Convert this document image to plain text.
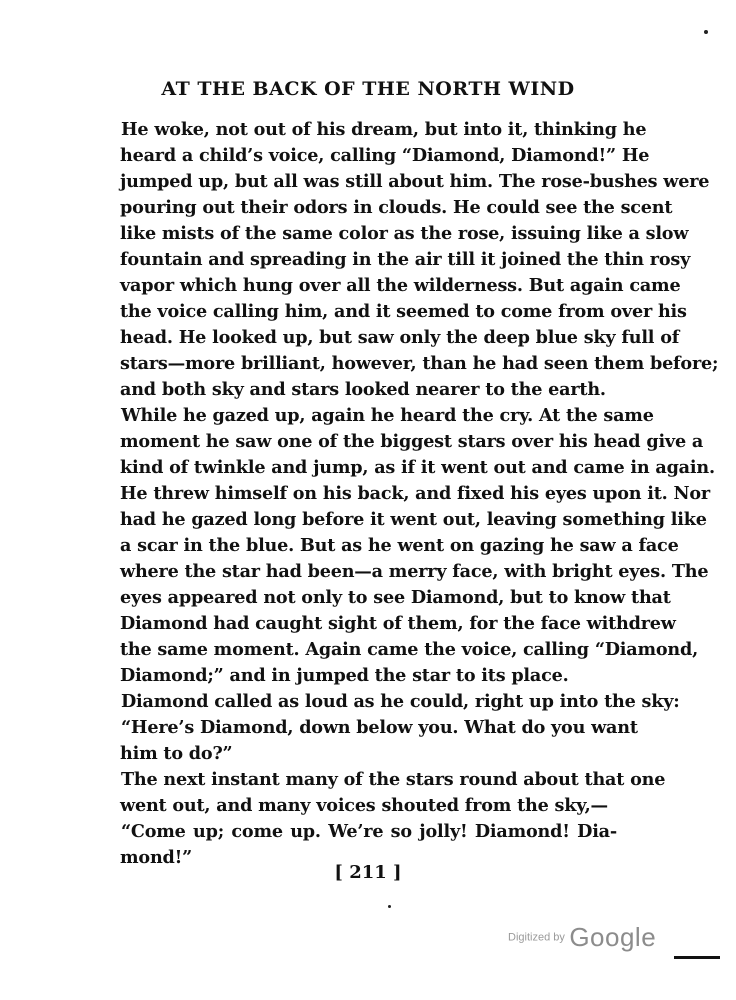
AT THE BACK OF THE NORTH WIND

He woke, not out of his dream, but into it, thinking he
heard a child’s voice, calling “Diamond, Diamond!” He
jumped up, but all was still about him. The rose-bushes were
pouring out their odors in clouds. He could see the scent
like mists of the same color as the rose, issuing like a slow
fountain and spreading in the air till it joined the thin rosy
vapor which hung over all the wilderness. But again came
the voice calling him, and it seemed to come from over his
head. He looked up, but saw only the deep blue sky full of
stars—more brilliant, however, than he had seen them before;
and both sky and stars looked nearer to the earth.

While he gazed up, again he heard the cry. At the same
moment he saw one of the biggest stars over his head give a
kind of twinkle and jump, as if it went out and came in again.
He threw himself on his back, and fixed his eyes upon it. Nor
had he gazed long before it went out, leaving something like
a scar in the blue. But as he went on gazing he saw a face
where the star had been—a merry face, with bright eyes. The
eyes appeared not only to see Diamond, but to know that
Diamond had caught sight of them, for the face withdrew
the same moment. Again came the voice, calling “Diamond,
Diamond;” and in jumped the star to its place.

Diamond called as loud as he could, right up into the sky:

“Here’s Diamond, down below you. What do you want
him to do?”

The next instant many of the stars round about that one
went out, and many voices shouted from the sky,—

“Come up; come up. We’re so jolly! Diamond! Dia-
mond!”

[ 211 ]
Digitized by Google
